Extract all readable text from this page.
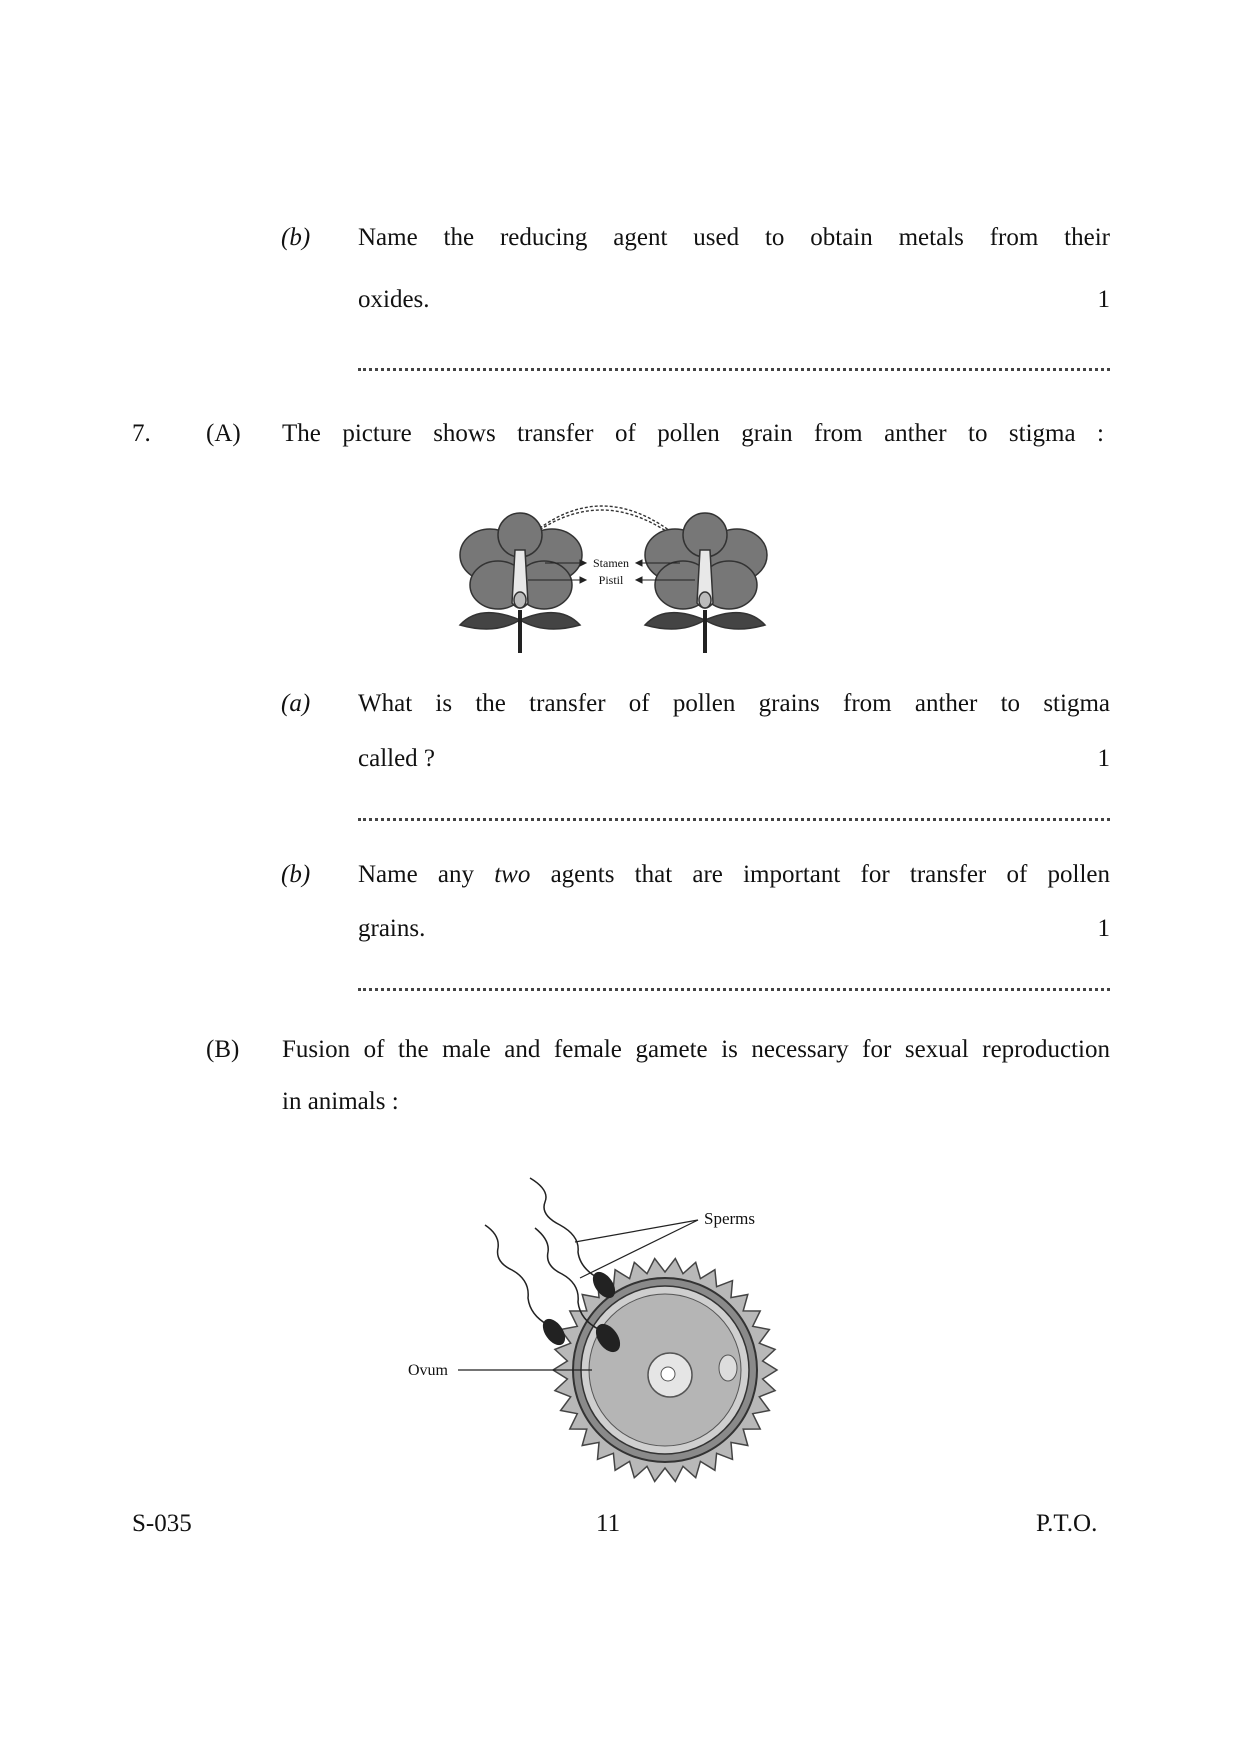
(b) Name the reducing agent used to obtain metals from their
oxides.	1
7. (A) The picture shows transfer of pollen grain from anther to stigma :
Stamen
Pistil
(a) What is the transfer of pollen grains from anther to stigma
called ?	1
(b) Name any two agents that are important for transfer of pollen
grains.	1
(B) Fusion of the male and female gamete is necessary for sexual reproduction
in animals :
Sperms
Ovum
S-035	11	P.T.O.
